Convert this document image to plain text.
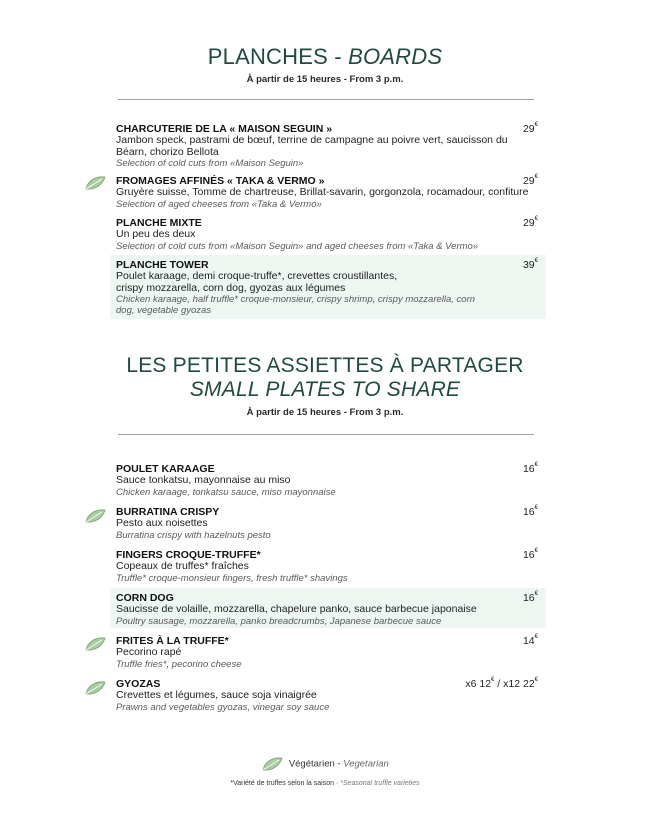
PLANCHES - BOARDS
À partir de 15 heures - From 3 p.m.
CHARCUTERIE DE LA « MAISON SEGUIN »
Jambon speck, pastrami de bœuf, terrine de campagne au poivre vert, saucisson du Béarn, chorizo Bellota
Selection of cold cuts from «Maison Seguin»
29€
FROMAGES AFFINÉS « TAKA & VERMO »
Gruyère suisse, Tomme de chartreuse, Brillat-savarin, gorgonzola, rocamadour, confiture
Selection of aged cheeses from «Taka & Vermo»
29€
PLANCHE MIXTE
Un peu des deux
Selection of cold cuts from «Maison Seguin» and aged cheeses from «Taka & Vermo»
29€
PLANCHE TOWER
Poulet karaage, demi croque-truffe*, crevettes croustillantes, crispy mozzarella, corn dog, gyozas aux légumes
Chicken karaage, half truffle* croque-monsieur, crispy shrimp, crispy mozzarella, corn dog, vegetable gyozas
39€
LES PETITES ASSIETTES À PARTAGER
SMALL PLATES TO SHARE
À partir de 15 heures - From 3 p.m.
POULET KARAAGE
Sauce tonkatsu, mayonnaise au miso
Chicken karaage, tonkatsu sauce, miso mayonnaise
16€
BURRATINA CRISPY
Pesto aux noisettes
Burratina crispy with hazelnuts pesto
16€
FINGERS CROQUE-TRUFFE*
Copeaux de truffes* fraîches
Truffle* croque-monsieur fingers, fresh truffle* shavings
16€
CORN DOG
Saucisse de volaille, mozzarella, chapelure panko, sauce barbecue japonaise
Poultry sausage, mozzarella, panko breadcrumbs, Japanese barbecue sauce
16€
FRITES À LA TRUFFE*
Pecorino rapé
Truffle fries*, pecorino cheese
14€
GYOZAS
Crevettes et légumes, sauce soja vinaigrée
Prawns and vegetables gyozas, vinegar soy sauce
x6 12€ / x12 22€
Végétarien - Vegetarian
*Variété de truffes selon la saison · *Seasonal truffle varieties
